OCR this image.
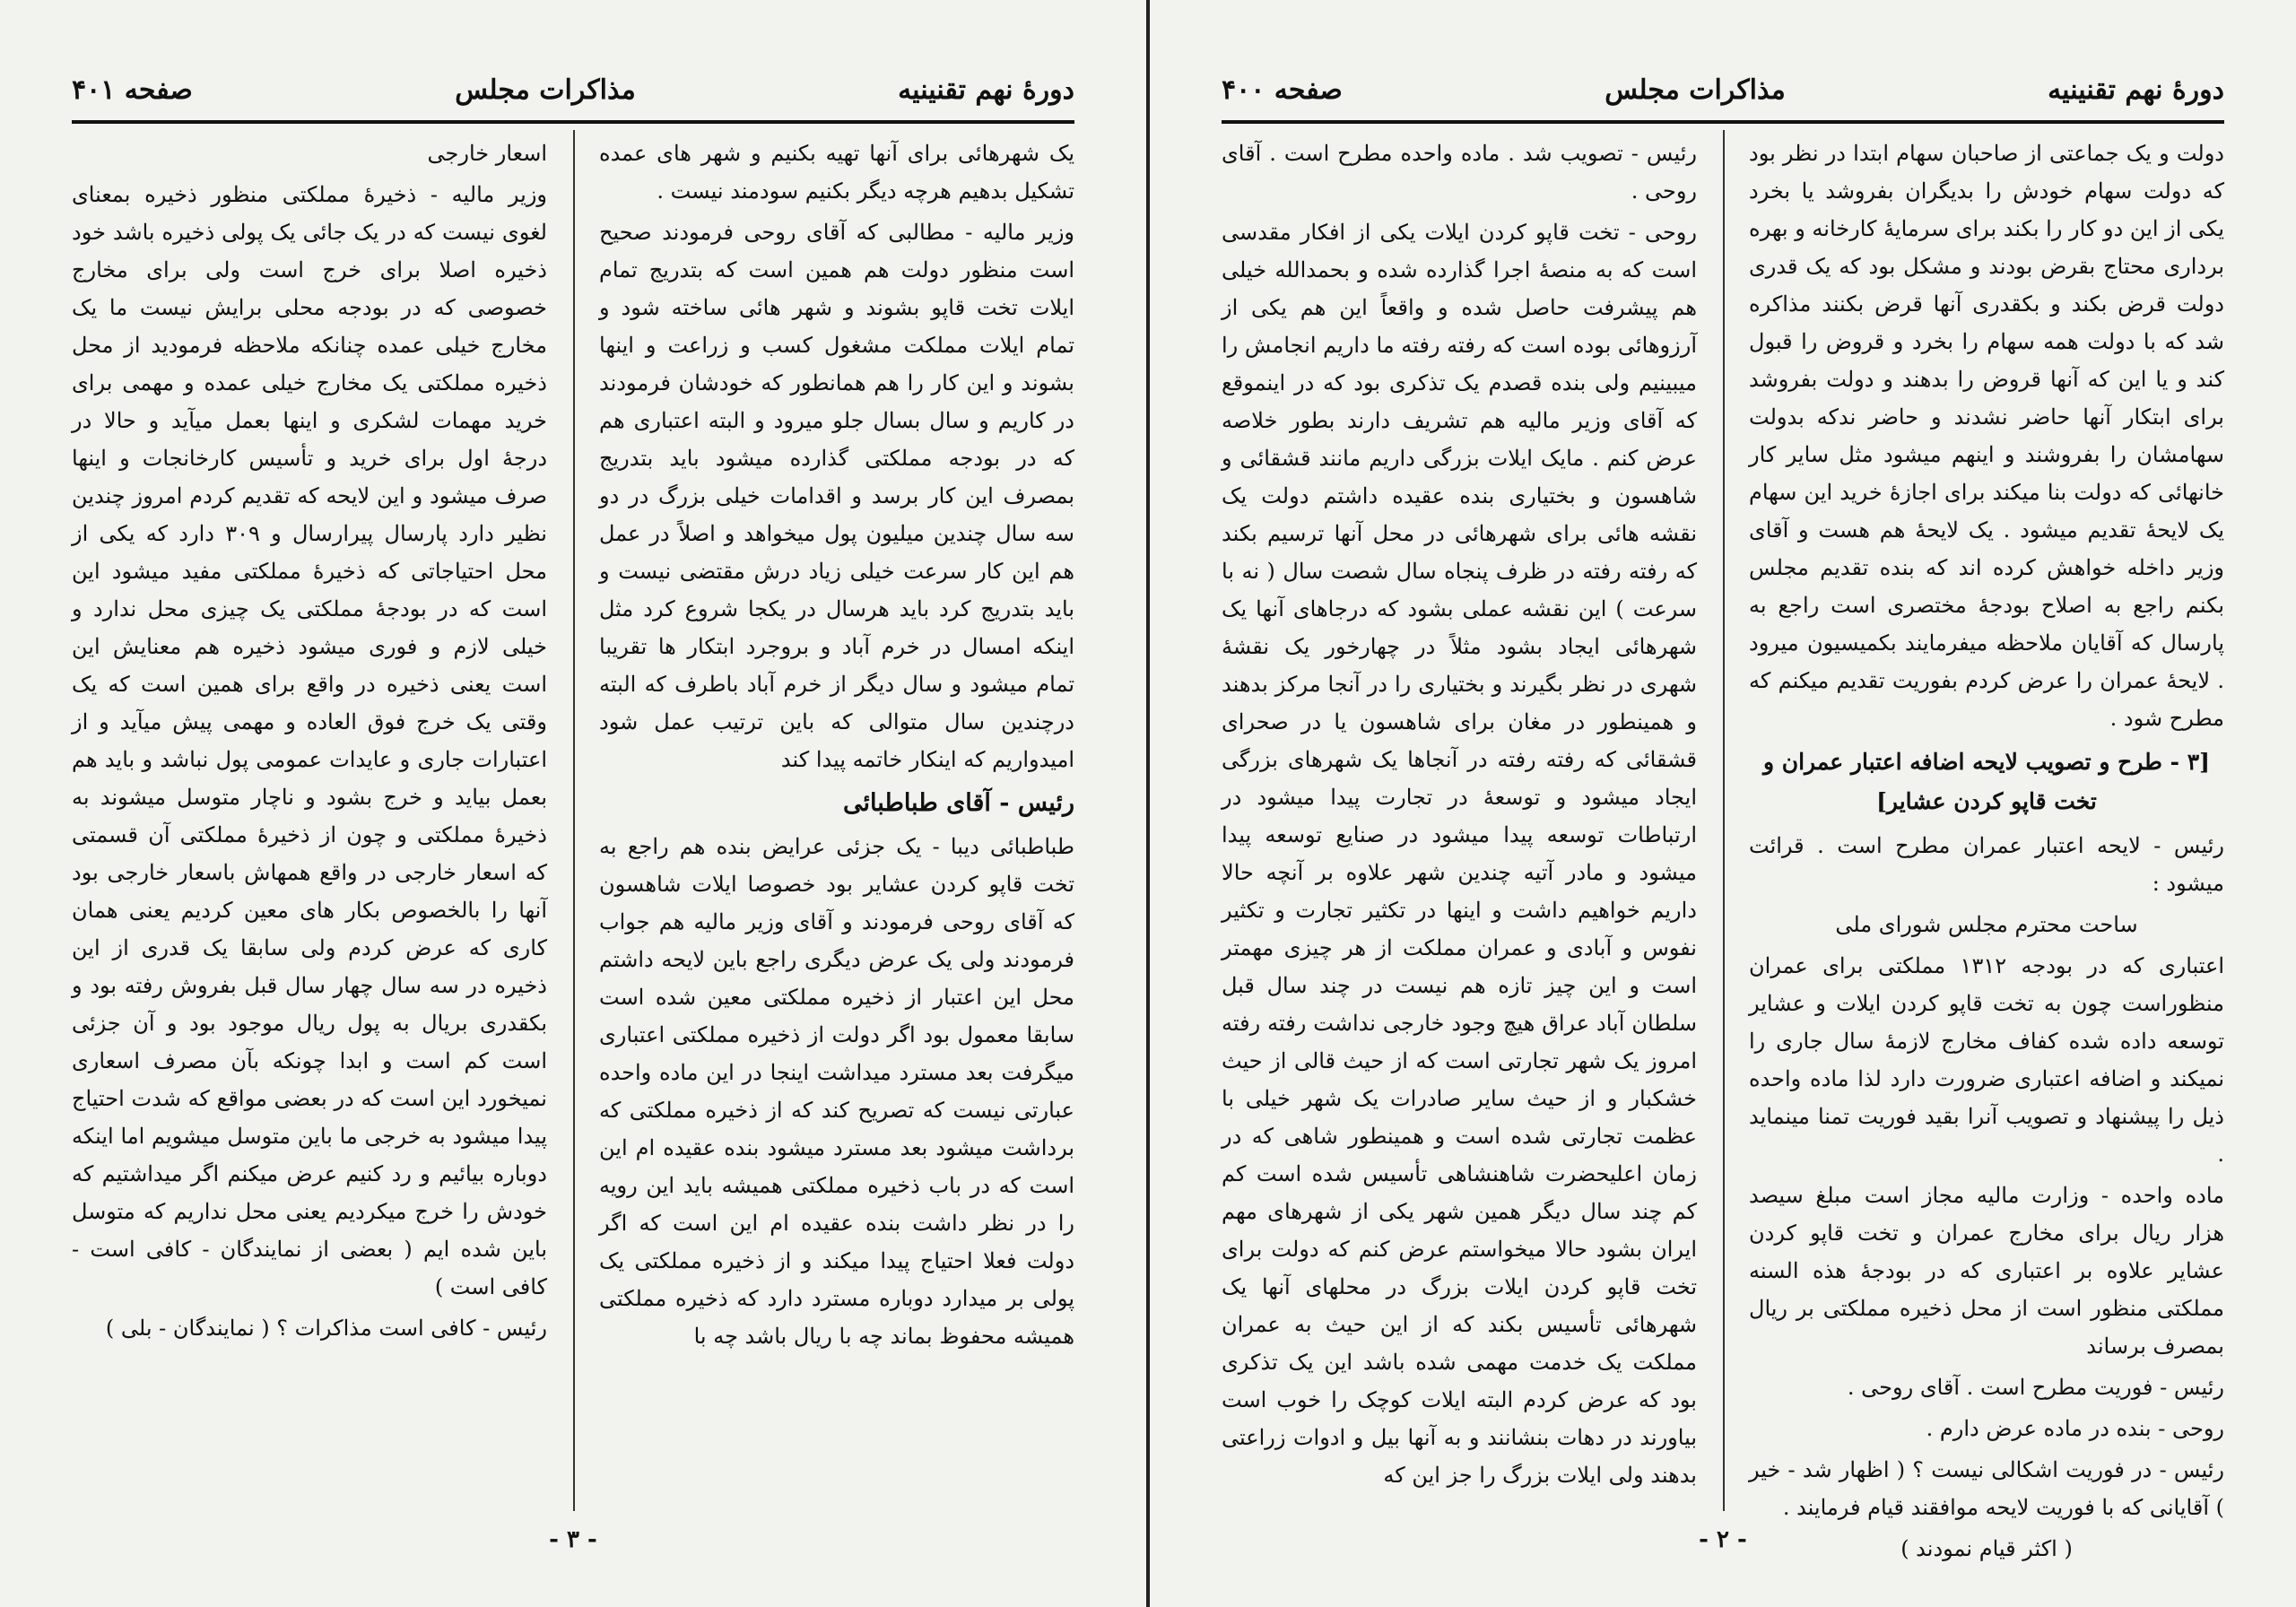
دورهٔ نهم تقنینیه
مذاکرات مجلس
صفحه ۴۰۱

یک شهرهائی برای آنها تهیه بکنیم و شهر های عمده تشکیل بدهیم هرچه دیگر بکنیم سودمند نیست .

وزیر مالیه - مطالبی که آقای روحی فرمودند صحیح است منظور دولت هم همین است که بتدریج تمام ایلات تخت قاپو بشوند و شهر هائی ساخته شود و تمام ایلات مملکت مشغول کسب و زراعت و اینها بشوند و این کار را هم همانطور که خودشان فرمودند در کاریم و سال بسال جلو میرود و البته اعتباری هم که در بودجه مملکتی گذارده میشود باید بتدریج بمصرف این کار برسد و اقدامات خیلی بزرگ در دو سه سال چندین میلیون پول میخواهد و اصلاً در عمل هم این کار سرعت خیلی زیاد درش مقتضی نیست و باید بتدریج کرد باید هرسال در یکجا شروع کرد مثل اینکه امسال در خرم آباد و بروجرد ابتکار ها تقریبا تمام میشود و سال دیگر از خرم آباد باطرف که البته درچندین سال متوالی که باین ترتیب عمل شود امیدواریم که اینکار خاتمه پیدا کند

رئیس - آقای طباطبائی

طباطبائی دیبا - یک جزئی عرایض بنده هم راجع به تخت قاپو کردن عشایر بود خصوصا ایلات شاهسون که آقای روحی فرمودند و آقای وزیر مالیه هم جواب فرمودند ولی یک عرض دیگری راجع باین لایحه داشتم محل این اعتبار از ذخیره مملکتی معین شده است سابقا معمول بود اگر دولت از ذخیره مملکتی اعتباری میگرفت بعد مسترد میداشت اینجا در این ماده واحده عبارتی نیست که تصریح کند که از ذخیره مملکتی که برداشت میشود بعد مسترد میشود بنده عقیده ام این است که در باب ذخیره مملکتی همیشه باید این رویه را در نظر داشت بنده عقیده ام این است که اگر دولت فعلا احتیاج پیدا میکند و از ذخیره مملکتی یک پولی بر میدارد دوباره مسترد دارد که ذخیره مملکتی همیشه محفوظ بماند چه با ریال باشد چه با

اسعار خارجی

وزیر مالیه - ذخیرهٔ مملکتی منظور ذخیره بمعنای لغوی نیست که در یک جائی یک پولی ذخیره باشد خود ذخیره اصلا برای خرج است ولی برای مخارج خصوصی که در بودجه محلی برایش نیست ما یک مخارج خیلی عمده چنانکه ملاحظه فرمودید از محل ذخیره مملکتی یک مخارج خیلی عمده و مهمی برای خرید مهمات لشکری و اینها بعمل میآید و حالا در درجهٔ اول برای خرید و تأسیس کارخانجات و اینها صرف میشود و این لایحه که تقدیم کردم امروز چندین نظیر دارد پارسال پیرارسال و ۳۰۹ دارد که یکی از محل احتیاجاتی که ذخیرهٔ مملکتی مفید میشود این است که در بودجهٔ مملکتی یک چیزی محل ندارد و خیلی لازم و فوری میشود ذخیره هم معنایش این است یعنی ذخیره در واقع برای همین است که یک وقتی یک خرج فوق العاده و مهمی پیش میآید و از اعتبارات جاری و عایدات عمومی پول نباشد و باید هم بعمل بیاید و خرج بشود و ناچار متوسل میشوند به ذخیرهٔ مملکتی و چون از ذخیرهٔ مملکتی آن قسمتی که اسعار خارجی در واقع همهاش باسعار خارجی بود آنها را بالخصوص بکار های معین کردیم یعنی همان کاری که عرض کردم ولی سابقا یک قدری از این ذخیره در سه سال چهار سال قبل بفروش رفته بود و بکقدری بریال به پول ریال موجود بود و آن جزئی است کم است و ابدا چونکه بآن مصرف اسعاری نمیخورد این است که در بعضی مواقع که شدت احتیاج پیدا میشود به خرجی ما باین متوسل میشویم اما اینکه دوباره بیائیم و رد کنیم عرض میکنم اگر میداشتیم که خودش را خرج میکردیم یعنی محل نداریم که متوسل باین شده ایم ( بعضی از نمایندگان - کافی است - کافی است )

رئیس - کافی است مذاکرات ؟ ( نمایندگان - بلی )

- ۳ -
دورهٔ نهم تقنینیه
مذاکرات مجلس
صفحه ۴۰۰

دولت و یک جماعتی از صاحبان سهام ابتدا در نظر بود که دولت سهام خودش را بدیگران بفروشد یا بخرد یکی از این دو کار را بکند برای سرمایهٔ کارخانه و بهره برداری محتاج بقرض بودند و مشکل بود که یک قدری دولت قرض بکند و بکقدری آنها قرض بکنند مذاکره شد که با دولت همه سهام را بخرد و قروض را قبول کند و یا این که آنها قروض را بدهند و دولت بفروشد برای ابتکار آنها حاضر نشدند و حاضر ندکه بدولت سهامشان را بفروشند و اینهم میشود مثل سایر کار خانهائی که دولت بنا میکند برای اجازهٔ خرید این سهام یک لایحهٔ تقدیم میشود . یک لایحهٔ هم هست و آقای وزیر داخله خواهش کرده اند که بنده تقدیم مجلس بکنم راجع به اصلاح بودجهٔ مختصری است راجع به پارسال که آقایان ملاحظه میفرمایند بکمیسیون میرود . لایحهٔ عمران را عرض کردم بفوریت تقدیم میکنم که مطرح شود .

[۳ - طرح و تصویب لایحه اضافه اعتبار عمران و تخت قاپو کردن عشایر]

رئیس - لایحه اعتبار عمران مطرح است . قرائت میشود :

ساحت محترم مجلس شورای ملی

اعتباری که در بودجه ۱۳۱۲ مملکتی برای عمران منظوراست چون به تخت قاپو کردن ایلات و عشایر توسعه داده شده کفاف مخارج لازمهٔ سال جاری را نمیکند و اضافه اعتباری ضرورت دارد لذا ماده واحده ذیل را پیشنهاد و تصویب آنرا بقید فوریت تمنا مینماید .

ماده واحده - وزارت مالیه مجاز است مبلغ سیصد هزار ریال برای مخارج عمران و تخت قاپو کردن عشایر علاوه بر اعتباری که در بودجهٔ هذه السنه مملکتی منظور است از محل ذخیره مملکتی بر ریال بمصرف برساند

رئیس - فوریت مطرح است . آقای روحی .

روحی - بنده در ماده عرض دارم .

رئیس - در فوریت اشکالی نیست ؟ ( اظهار شد - خیر ) آقایانی که با فوریت لایحه موافقند قیام فرمایند .

( اکثر قیام نمودند )

رئیس - تصویب شد . ماده واحده مطرح است . آقای روحی .

روحی - تخت قاپو کردن ایلات یکی از افکار مقدسی است که به منصهٔ اجرا گذارده شده و بحمدالله خیلی هم پیشرفت حاصل شده و واقعاً این هم یکی از آرزوهائی بوده است که رفته رفته ما داریم انجامش را میبینیم ولی بنده قصدم یک تذکری بود که در اینموقع که آقای وزیر مالیه هم تشریف دارند بطور خلاصه عرض کنم . مایک ایلات بزرگی داریم مانند قشقائی و شاهسون و بختیاری بنده عقیده داشتم دولت یک نقشه هائی برای شهرهائی در محل آنها ترسیم بکند که رفته رفته در ظرف پنجاه سال شصت سال ( نه با سرعت ) این نقشه عملی بشود که درجاهای آنها یک شهرهائی ایجاد بشود مثلاً در چهارخور یک نقشهٔ شهری در نظر بگیرند و بختیاری را در آنجا مرکز بدهند و همینطور در مغان برای شاهسون یا در صحرای قشقائی که رفته رفته در آنجاها یک شهرهای بزرگی ایجاد میشود و توسعهٔ در تجارت پیدا میشود در ارتباطات توسعه پیدا میشود در صنایع توسعه پیدا میشود و مادر آتیه چندین شهر علاوه بر آنچه حالا داریم خواهیم داشت و اینها در تکثیر تجارت و تکثیر نفوس و آبادی و عمران مملکت از هر چیزی مهمتر است و این چیز تازه هم نیست در چند سال قبل سلطان آباد عراق هیچ وجود خارجی نداشت رفته رفته امروز یک شهر تجارتی است که از حیث قالی از حیث خشکبار و از حیث سایر صادرات یک شهر خیلی با عظمت تجارتی شده است و همینطور شاهی که در زمان اعلیحضرت شاهنشاهی تأسیس شده است کم کم چند سال دیگر همین شهر یکی از شهرهای مهم ایران بشود حالا میخواستم عرض کنم که دولت برای تخت قاپو کردن ایلات بزرگ در محلهای آنها یک شهرهائی تأسیس بکند که از این حیث به عمران مملکت یک خدمت مهمی شده باشد این یک تذکری بود که عرض کردم البته ایلات کوچک را خوب است بیاورند در دهات بنشانند و به آنها بیل و ادوات زراعتی بدهند ولی ایلات بزرگ را جز این که

- ۲ -
